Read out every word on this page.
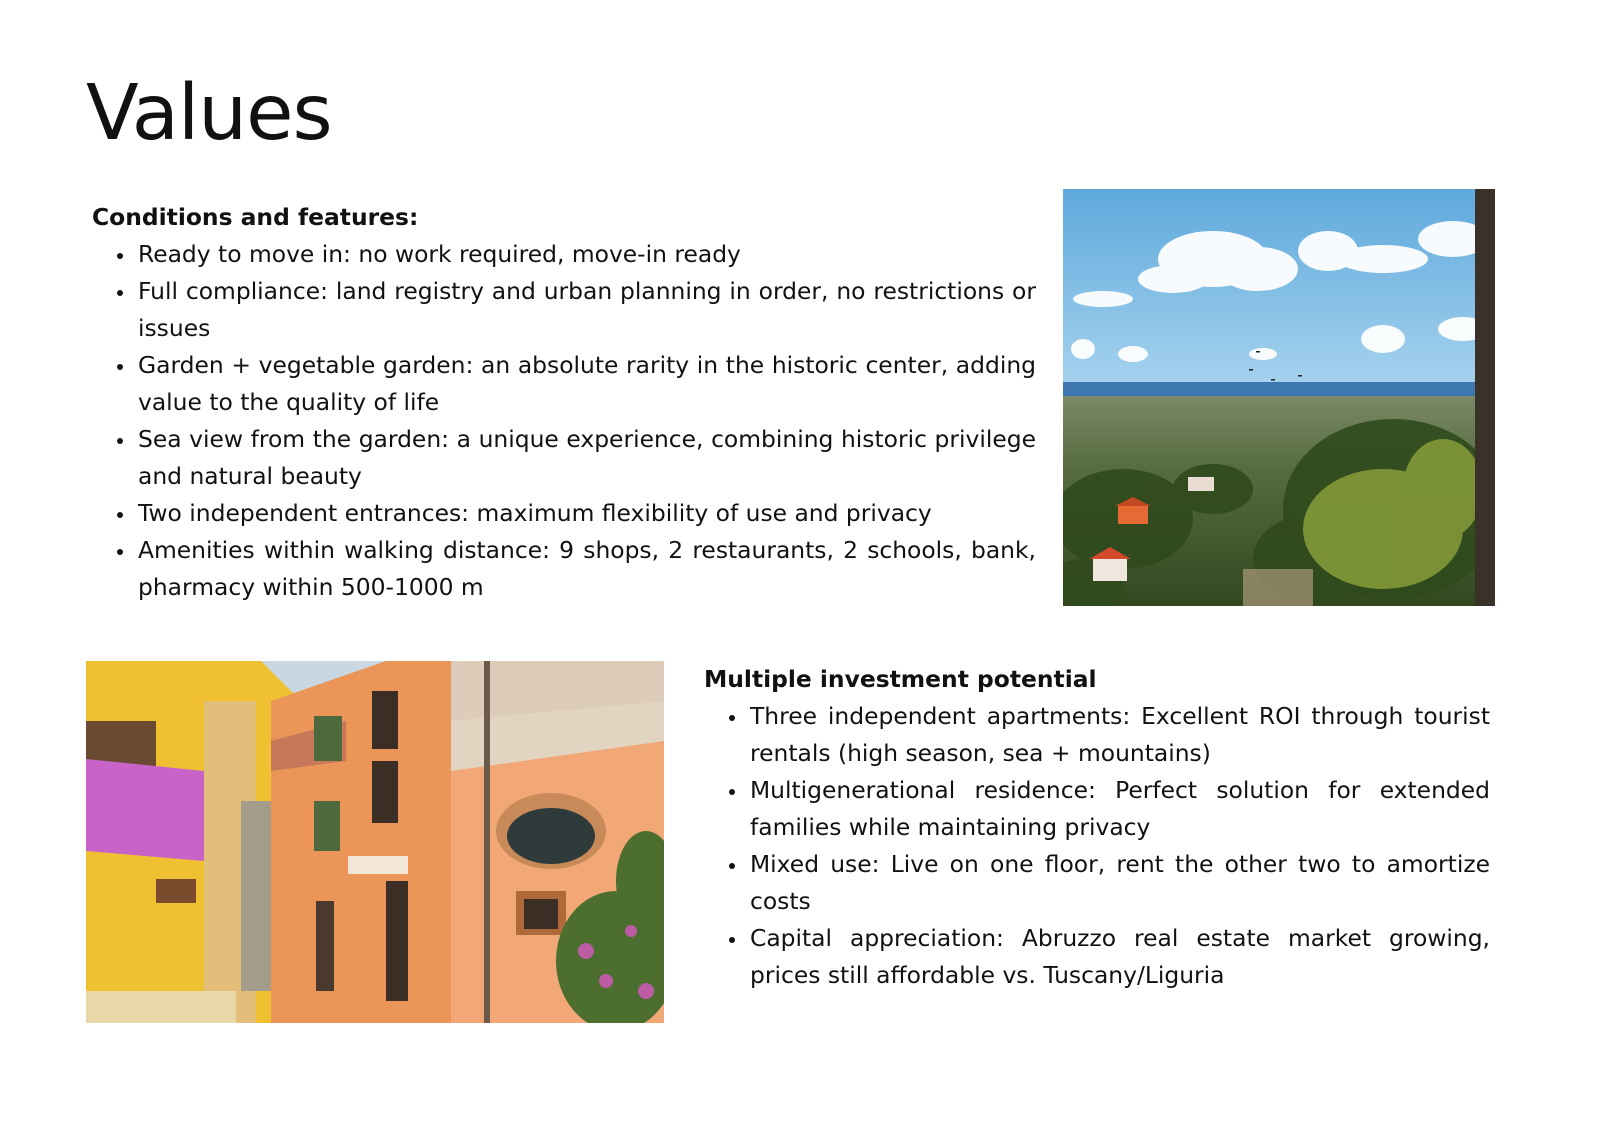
Values
Conditions and features:
• Ready to move in: no work required, move-in ready
• Full compliance: land registry and urban planning in order, no restrictions or issues
• Garden + vegetable garden: an absolute rarity in the historic center, adding value to the quality of life
• Sea view from the garden: a unique experience, combining historic privilege and natural beauty
• Two independent entrances: maximum flexibility of use and privacy
• Amenities within walking distance: 9 shops, 2 restaurants, 2 schools, bank, pharmacy within 500-1000 m
Multiple investment potential
• Three independent apartments: Excellent ROI through tourist rentals (high season, sea + mountains)
• Multigenerational residence: Perfect solution for extended families while maintaining privacy
• Mixed use: Live on one floor, rent the other two to amortize costs
• Capital appreciation: Abruzzo real estate market growing, prices still affordable vs. Tuscany/Liguria
